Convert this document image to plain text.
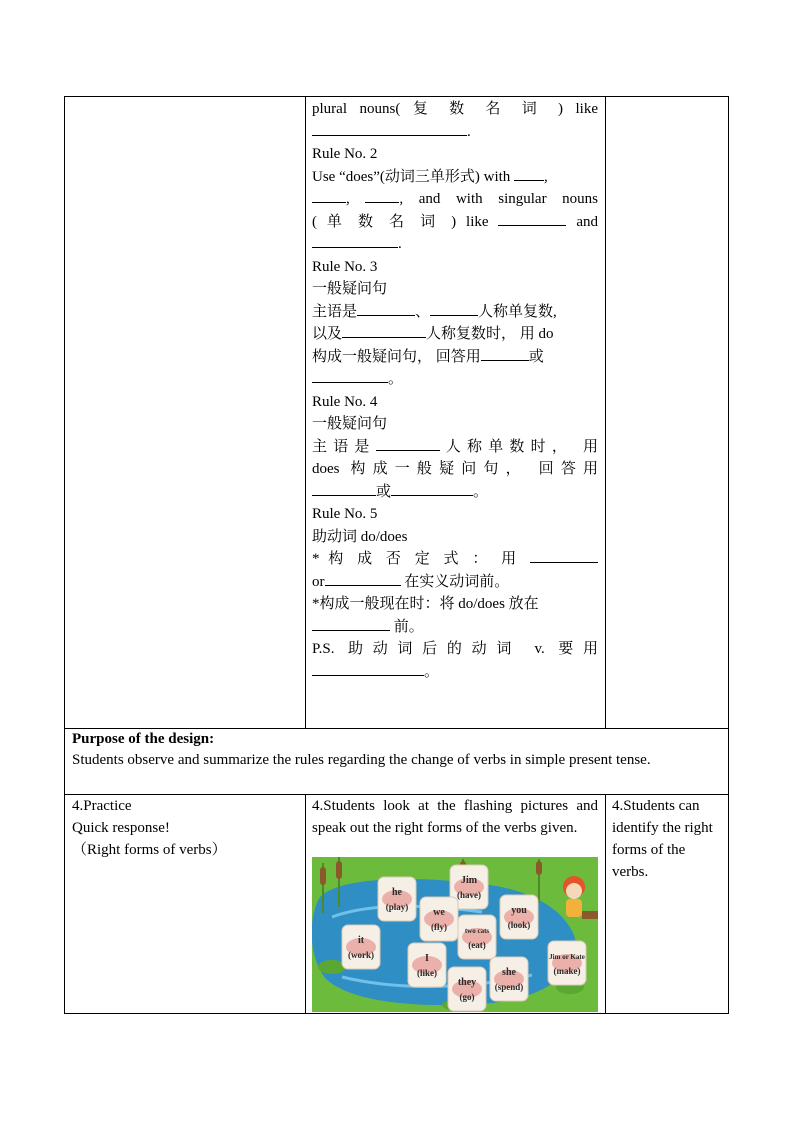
plural nouns( 复 数 名 词 ) like
.
Rule No. 2
Use “does”(动词三单形式) with ,
, , and with singular nouns
( 单 数 名 词 ) like	and
.
Rule No. 3
一般疑问句
主语是	、	人称单复数,
以及	人称复数时， 用 do
构成一般疑问句， 回答用	或
。
Rule No. 4
一般疑问句
主语是	人称单数时， 用
does 构成一般疑问句， 回答用
或	。
Rule No. 5
助动词 do/does
* 构 成 否 定 式 ： 用
or	在实义动词前。
*构成一般现在时：将 do/does 放在
前。
P.S. 助动词后的动词 v. 要用
。
Purpose of the design:
Students observe and summarize the rules regarding the change of verbs in simple present tense.
4.Practice
Quick response!
（Right forms of verbs）
4.Students look at the flashing pictures and speak out the right forms of the verbs given.
4.Students can identify the right forms of the verbs.
he
(play)
Jim
(have)
we
(fly)
you
(look)
it
(work)
two cats
(eat)
I
(like)
Jim or Kate
(make)
they
(go)
she
(spend)
